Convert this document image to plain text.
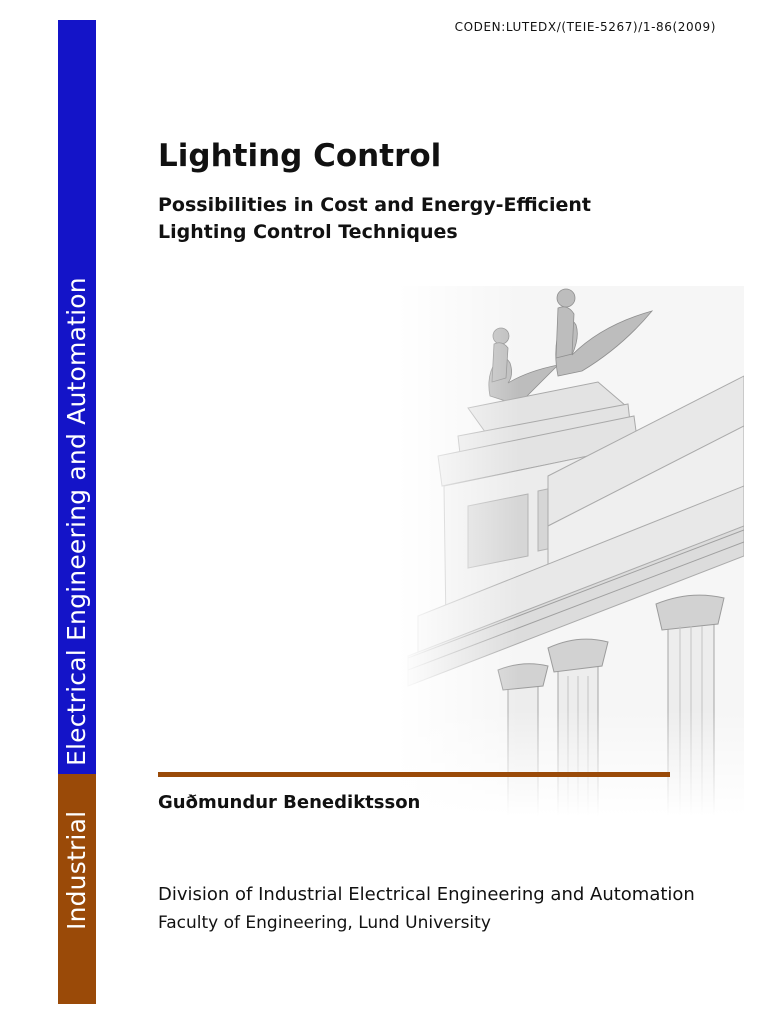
Electrical Engineering and Automation
Industrial
CODEN:LUTEDX/(TEIE-5267)/1-86(2009)
Lighting Control
Possibilities in Cost and Energy-Efficient
Lighting Control Techniques
Guðmundur Benediktsson
Division of Industrial Electrical Engineering and Automation
Faculty of Engineering, Lund University
